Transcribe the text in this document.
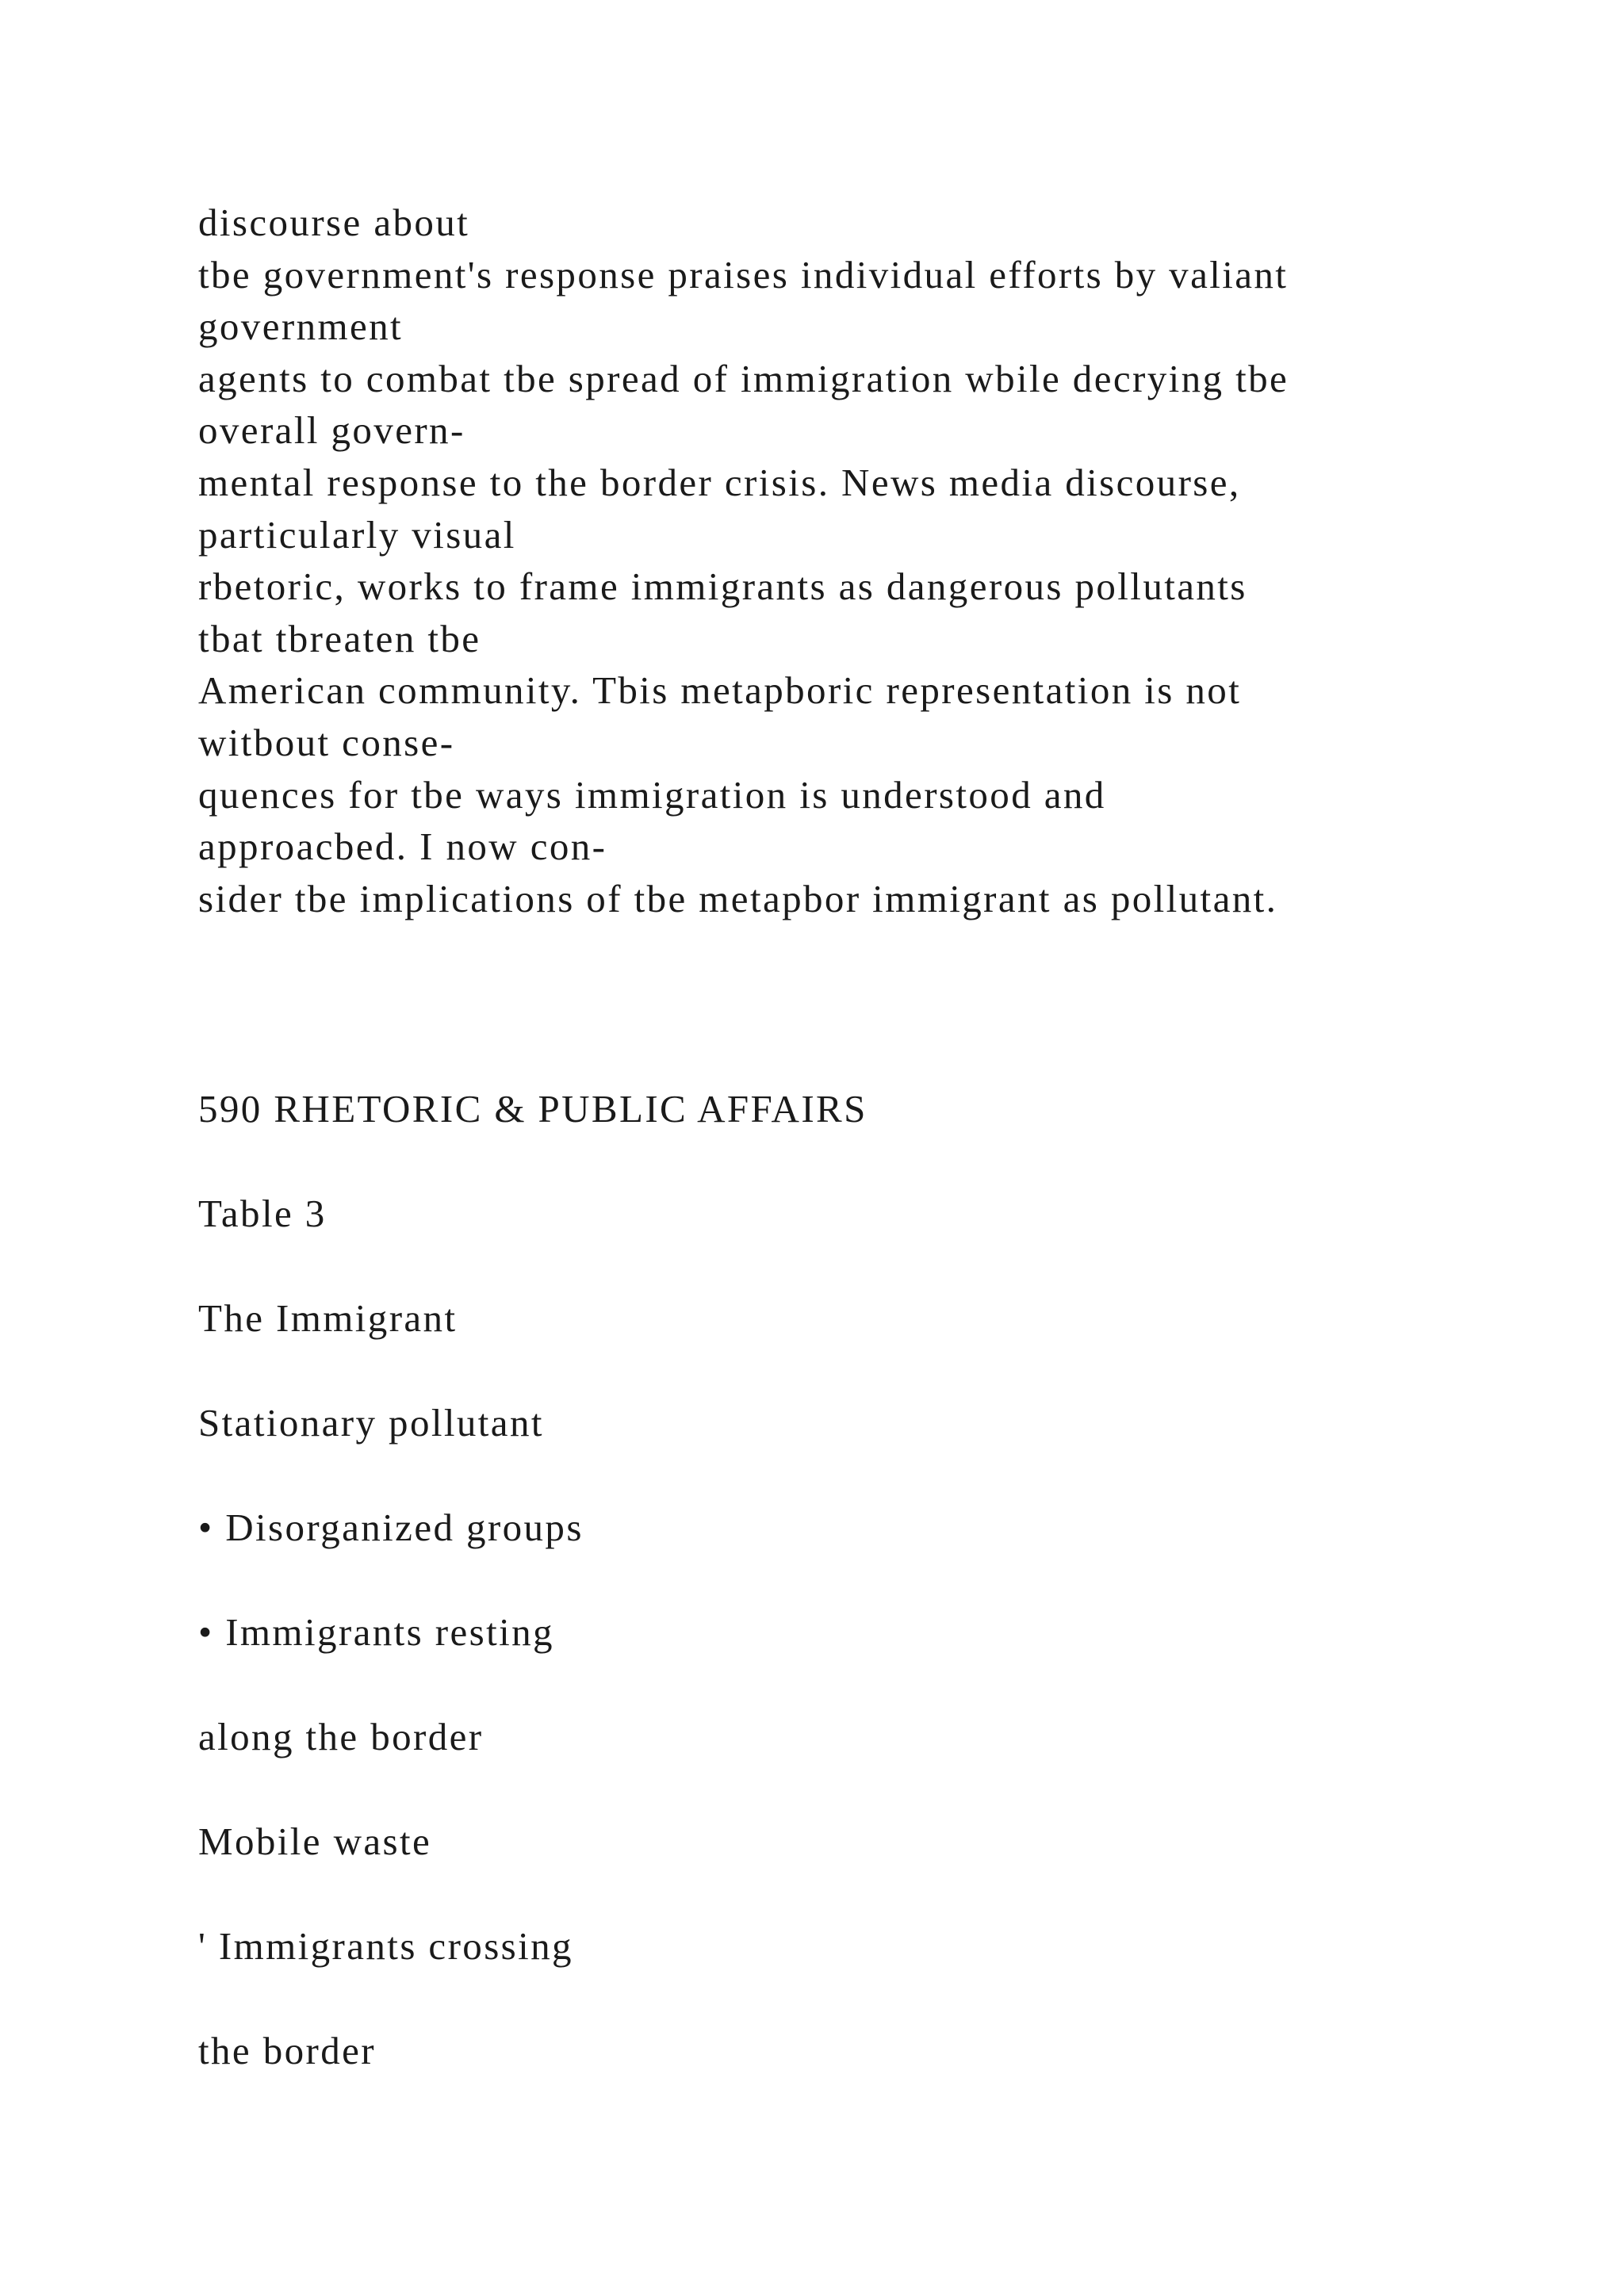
discourse about
tbe government's response praises individual efforts by valiant
government
agents to combat tbe spread of immigration wbile decrying tbe
overall govern-
mental response to the border crisis. News media discourse,
particularly visual
rbetoric, works to frame immigrants as dangerous pollutants
tbat tbreaten tbe
American community. Tbis metapboric representation is not
witbout conse-
quences for tbe ways immigration is understood and
approacbed. I now con-
sider tbe implications of tbe metapbor immigrant as pollutant.
590 RHETORIC & PUBLIC AFFAIRS
Table 3
The Immigrant
Stationary pollutant
• Disorganized groups
• Immigrants resting
along the border
Mobile waste
' Immigrants crossing
the border
